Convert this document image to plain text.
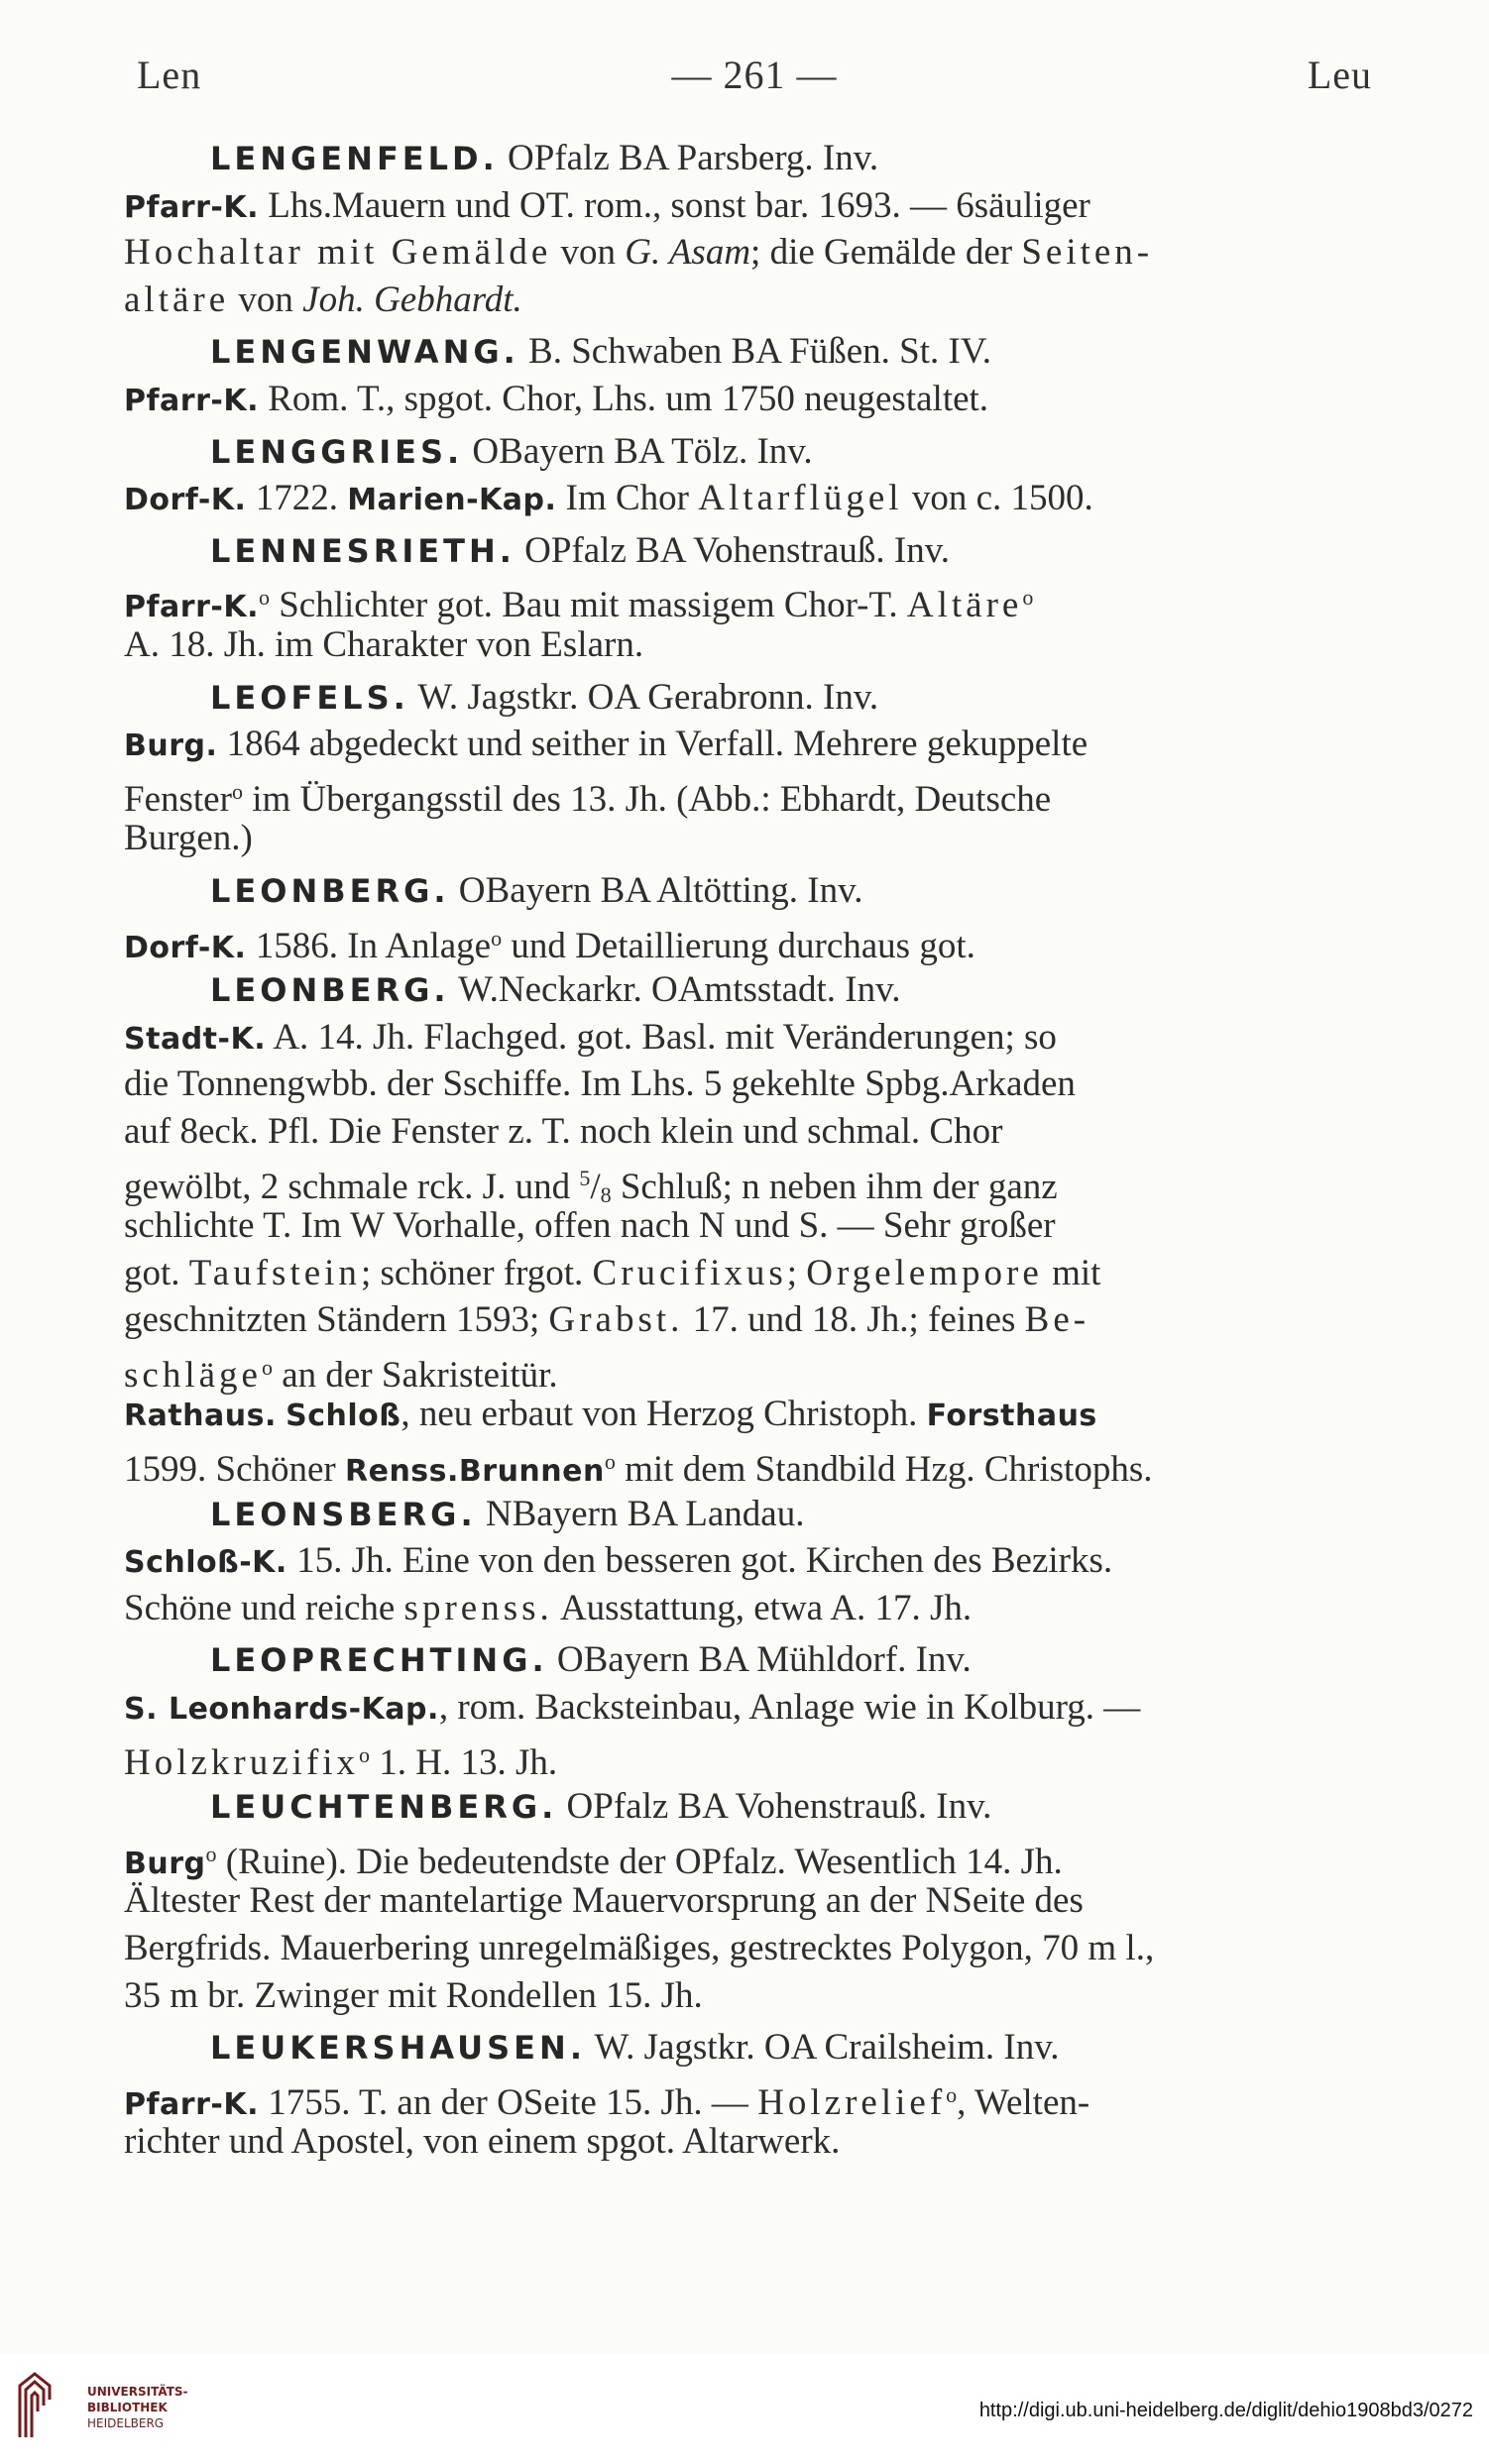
Len	— 261 —	Leu
LENGENFELD. OPfalz BA Parsberg. Inv.
Pfarr-K. Lhs.Mauern und OT. rom., sonst bar. 1693. — 6säuliger
Hochaltar mit Gemälde von G. Asam; die Gemälde der Seiten-
altäre von Joh. Gebhardt.
LENGENWANG. B. Schwaben BA Füßen. St. IV.
Pfarr-K. Rom. T., spgot. Chor, Lhs. um 1750 neugestaltet.
LENGGRIES. OBayern BA Tölz. Inv.
Dorf-K. 1722. Marien-Kap. Im Chor Altarflügel von c. 1500.
LENNESRIETH. OPfalz BA Vohenstrauß. Inv.
Pfarr-K.$^o$ Schlichter got. Bau mit massigem Chor-T. Altäre$^o$
A. 18. Jh. im Charakter von Eslarn.
LEOFELS. W. Jagstkr. OA Gerabronn. Inv.
Burg. 1864 abgedeckt und seither in Verfall. Mehrere gekuppelte
Fenster$^o$ im Übergangsstil des 13. Jh. (Abb.: Ebhardt, Deutsche
Burgen.)
LEONBERG. OBayern BA Altötting. Inv.
Dorf-K. 1586. In Anlage$^o$ und Detaillierung durchaus got.
LEONBERG. W.Neckarkr. OAmtsstadt. Inv.
Stadt-K. A. 14. Jh. Flachged. got. Basl. mit Veränderungen; so
die Tonnengwbb. der Sschiffe. Im Lhs. 5 gekehlte Spbg.Arkaden
auf 8eck. Pfl. Die Fenster z. T. noch klein und schmal. Chor
gewölbt, 2 schmale rck. J. und $^5$/8 Schluß; n neben ihm der ganz
schlichte T. Im W Vorhalle, offen nach N und S. — Sehr großer
got. Taufstein; schöner frgot. Crucifixus; Orgelempore mit
geschnitzten Ständern 1593; Grabst. 17. und 18. Jh.; feines Be-
schläge$^o$ an der Sakristeitür.
Rathaus. Schloß, neu erbaut von Herzog Christoph. Forsthaus
1599. Schöner Renss.Brunnen$^o$ mit dem Standbild Hzg. Christophs.
LEONSBERG. NBayern BA Landau.
Schloß-K. 15. Jh. Eine von den besseren got. Kirchen des Bezirks.
Schöne und reiche sprenss. Ausstattung, etwa A. 17. Jh.
LEOPRECHTING. OBayern BA Mühldorf. Inv.
S. Leonhards-Kap., rom. Backsteinbau, Anlage wie in Kolburg. —
Holzkruzifix$^o$ 1. H. 13. Jh.
LEUCHTENBERG. OPfalz BA Vohenstrauß. Inv.
Burg$^o$ (Ruine). Die bedeutendste der OPfalz. Wesentlich 14. Jh.
Ältester Rest der mantelartige Mauervorsprung an der NSeite des
Bergfrids. Mauerbering unregelmäßiges, gestrecktes Polygon, 70 m l.,
35 m br. Zwinger mit Rondellen 15. Jh.
LEUKERSHAUSEN. W. Jagstkr. OA Crailsheim. Inv.
Pfarr-K. 1755. T. an der OSeite 15. Jh. — Holzrelief$^o$, Welten-
richter und Apostel, von einem spgot. Altarwerk.
UNIVERSITÄTS-
BIBLIOTHEK
HEIDELBERG
http://digi.ub.uni-heidelberg.de/diglit/dehio1908bd3/0272
